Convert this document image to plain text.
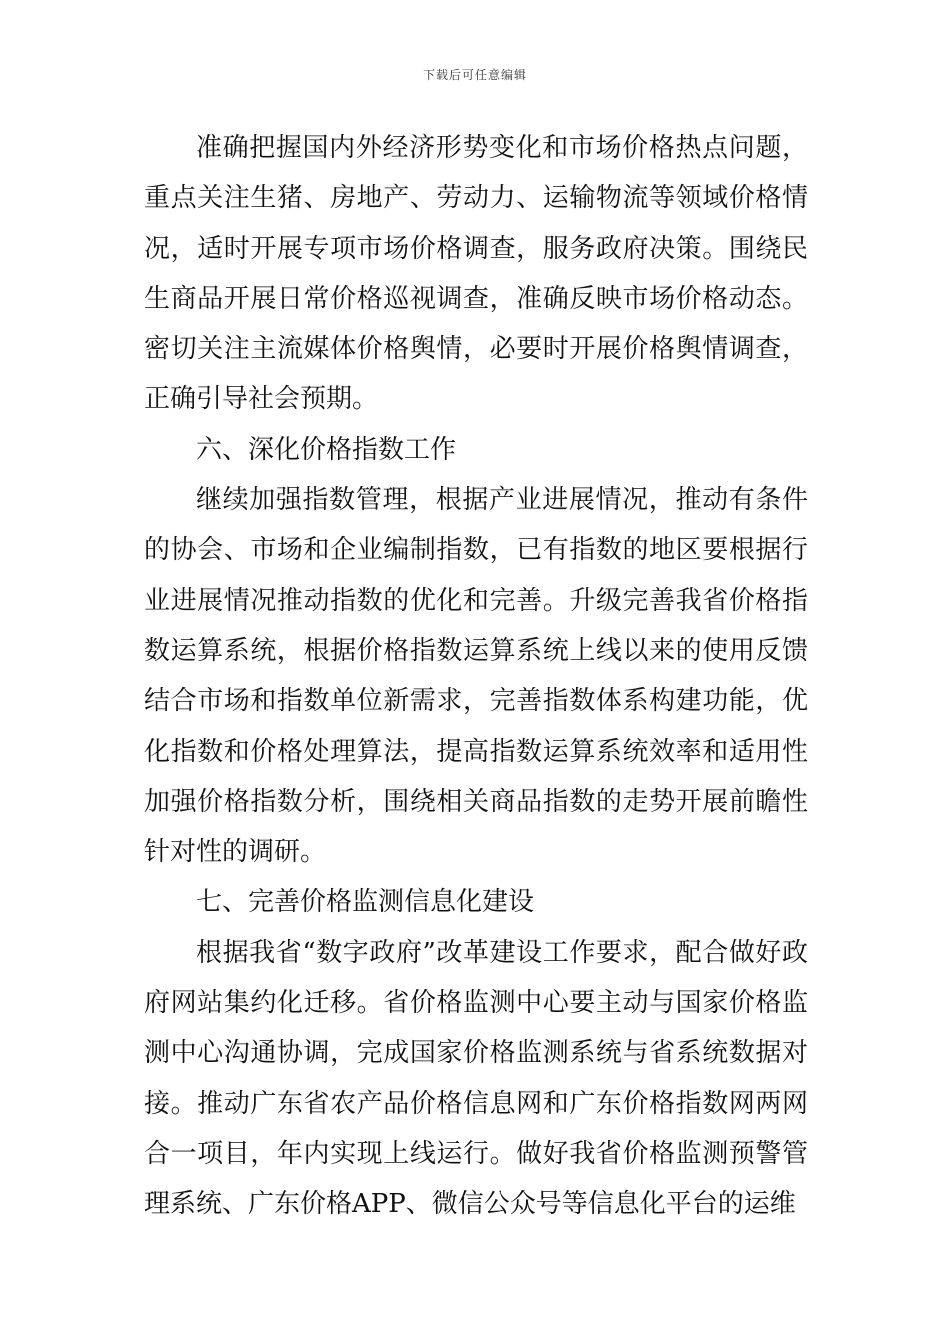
下载后可任意编辑

准确把握国内外经济形势变化和市场价格热点问题，重点关注生猪、房地产、劳动力、运输物流等领域价格情况，适时开展专项市场价格调查，服务政府决策。围绕民生商品开展日常价格巡视调查，准确反映市场价格动态。密切关注主流媒体价格舆情，必要时开展价格舆情调查，正确引导社会预期。

六、深化价格指数工作

继续加强指数管理，根据产业进展情况，推动有条件的协会、市场和企业编制指数，已有指数的地区要根据行业进展情况推动指数的优化和完善。升级完善我省价格指数运算系统，根据价格指数运算系统上线以来的使用反馈结合市场和指数单位新需求，完善指数体系构建功能，优化指数和价格处理算法，提高指数运算系统效率和适用性加强价格指数分析，围绕相关商品指数的走势开展前瞻性针对性的调研。

七、完善价格监测信息化建设

根据我省“数字政府”改革建设工作要求，配合做好政府网站集约化迁移。省价格监测中心要主动与国家价格监测中心沟通协调，完成国家价格监测系统与省系统数据对接。推动广东省农产品价格信息网和广东价格指数网两网合一项目，年内实现上线运行。做好我省价格监测预警管理系统、广东价格APP、微信公众号等信息化平台的运维
